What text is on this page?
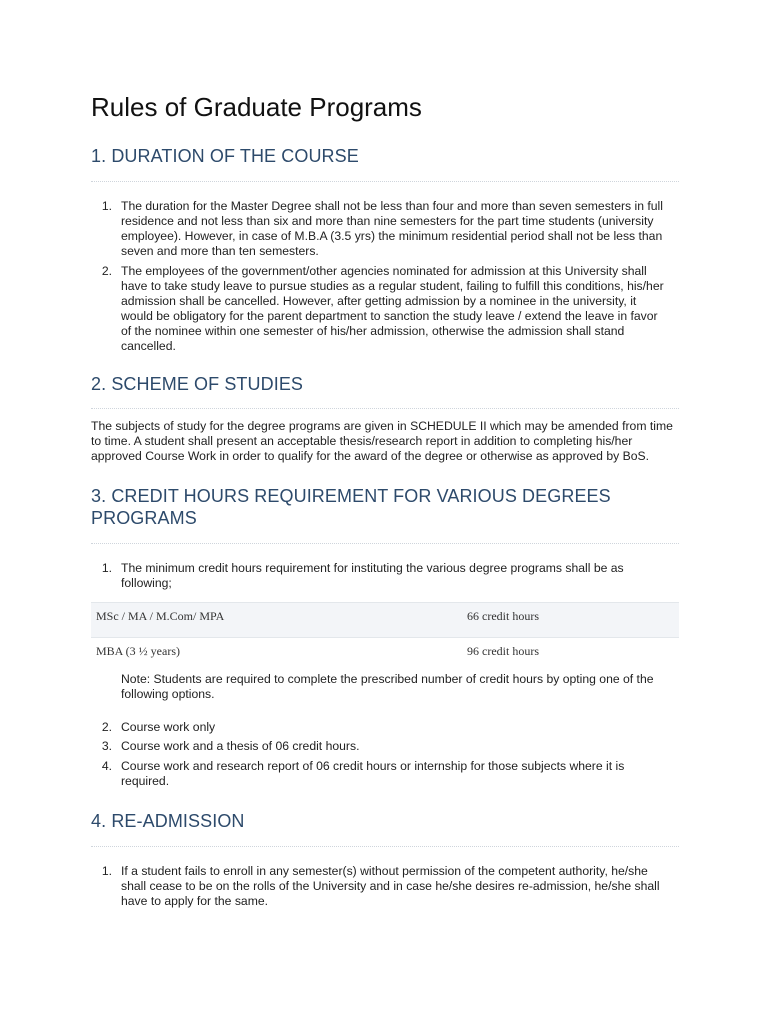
Rules of Graduate Programs
1. DURATION OF THE COURSE
1. The duration for the Master Degree shall not be less than four and more than seven semesters in full residence and not less than six and more than nine semesters for the part time students (university employee). However, in case of M.B.A (3.5 yrs) the minimum residential period shall not be less than seven and more than ten semesters.
2. The employees of the government/other agencies nominated for admission at this University shall have to take study leave to pursue studies as a regular student, failing to fulfill this conditions, his/her admission shall be cancelled. However, after getting admission by a nominee in the university, it would be obligatory for the parent department to sanction the study leave / extend the leave in favor of the nominee within one semester of his/her admission, otherwise the admission shall stand cancelled.
2. SCHEME OF STUDIES
The subjects of study for the degree programs are given in SCHEDULE II which may be amended from time to time. A student shall present an acceptable thesis/research report in addition to completing his/her approved Course Work in order to qualify for the award of the degree or otherwise as approved by BoS.
3. CREDIT HOURS REQUIREMENT FOR VARIOUS DEGREES PROGRAMS
1. The minimum credit hours requirement for instituting the various degree programs shall be as following;
MSc / MA / M.Com/ MPA	66 credit hours
MBA (3 ½ years)	96 credit hours
Note: Students are required to complete the prescribed number of credit hours by opting one of the following options.
2. Course work only
3. Course work and a thesis of 06 credit hours.
4. Course work and research report of 06 credit hours or internship for those subjects where it is required.
4. RE-ADMISSION
1. If a student fails to enroll in any semester(s) without permission of the competent authority, he/she shall cease to be on the rolls of the University and in case he/she desires re-admission, he/she shall have to apply for the same.
